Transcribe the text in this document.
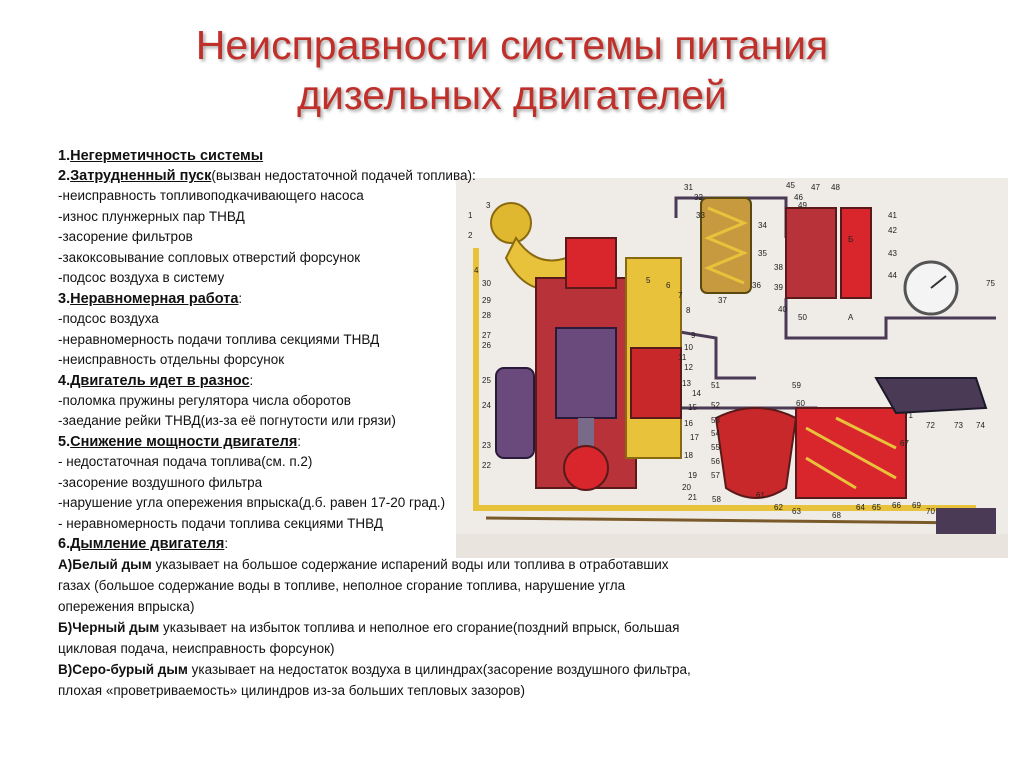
Неисправности системы питания
дизельных двигателей
1
2
3
4
5
6
7
8
9
10
11
12
13
14
15
16
17
18
19
20
21
22
23
24
25
26
27
28
29
30
31
32
33
34
35
36
37
38
39
40
41
42
43
44
45
46
47 48
49
50
51
52
53
54
55
56
57
58
59
60
61
62 63	64 65 66
67
68
69
70
71
72 73 74
75
А
Б

1.Негерметичность системы

2.Затрудненный пуск(вызван недостаточной подачей топлива):

-неисправность топливоподкачивающего насоса

-износ плунжерных пар ТНВД

-засорение фильтров

-закоксовывание сопловых отверстий форсунок

-подсос воздуха в систему

3.Неравномерная работа:

-подсос воздуха

-неравномерность подачи топлива секциями ТНВД

-неисправность отдельны форсунок

4.Двигатель идет в разнос:

-поломка пружины регулятора числа оборотов

-заедание рейки ТНВД(из-за её погнутости или грязи)

5.Снижение мощности двигателя:

- недостаточная подача топлива(см. п.2)

-засорение воздушного фильтра

-нарушение угла опережения впрыска(д.б. равен 17-20 град.)

- неравномерность подачи топлива секциями ТНВД

6.Дымление двигателя:

А)Белый дым указывает на большое содержание испарений воды или топлива в отработавших газах (большое содержание воды в топливе, неполное сгорание топлива, нарушение угла опережения впрыска)

Б)Черный дым указывает на избыток топлива и неполное его сгорание(поздний впрыск, большая цикловая подача, неисправность форсунок)

В)Серо-бурый дым указывает на недостаток воздуха в цилиндрах(засорение воздушного фильтра, плохая «проветриваемость» цилиндров из-за больших тепловых зазоров)
